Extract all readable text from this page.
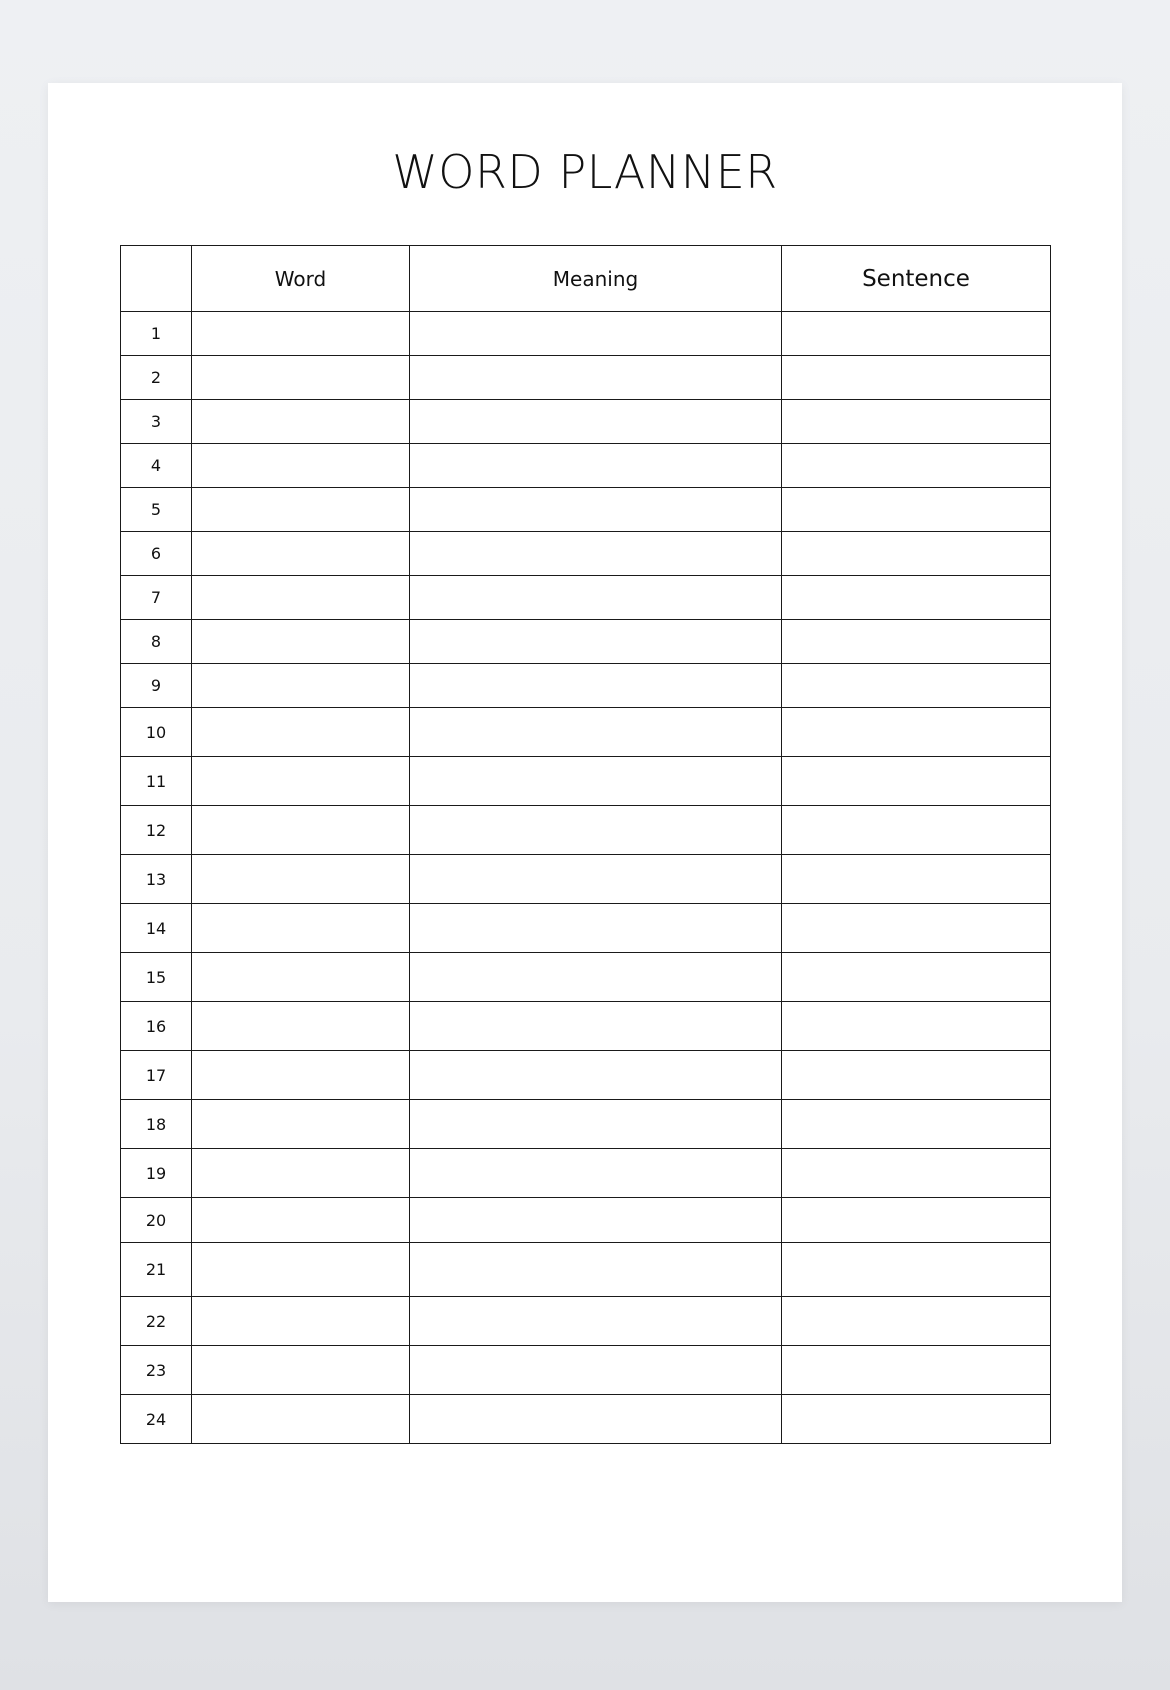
WORD PLANNER
	Word	Meaning	Sentence
1			
2			
3			
4			
5			
6			
7			
8			
9			
10			
11			
12			
13			
14			
15			
16			
17			
18			
19			
20			
21			
22			
23			
24			
